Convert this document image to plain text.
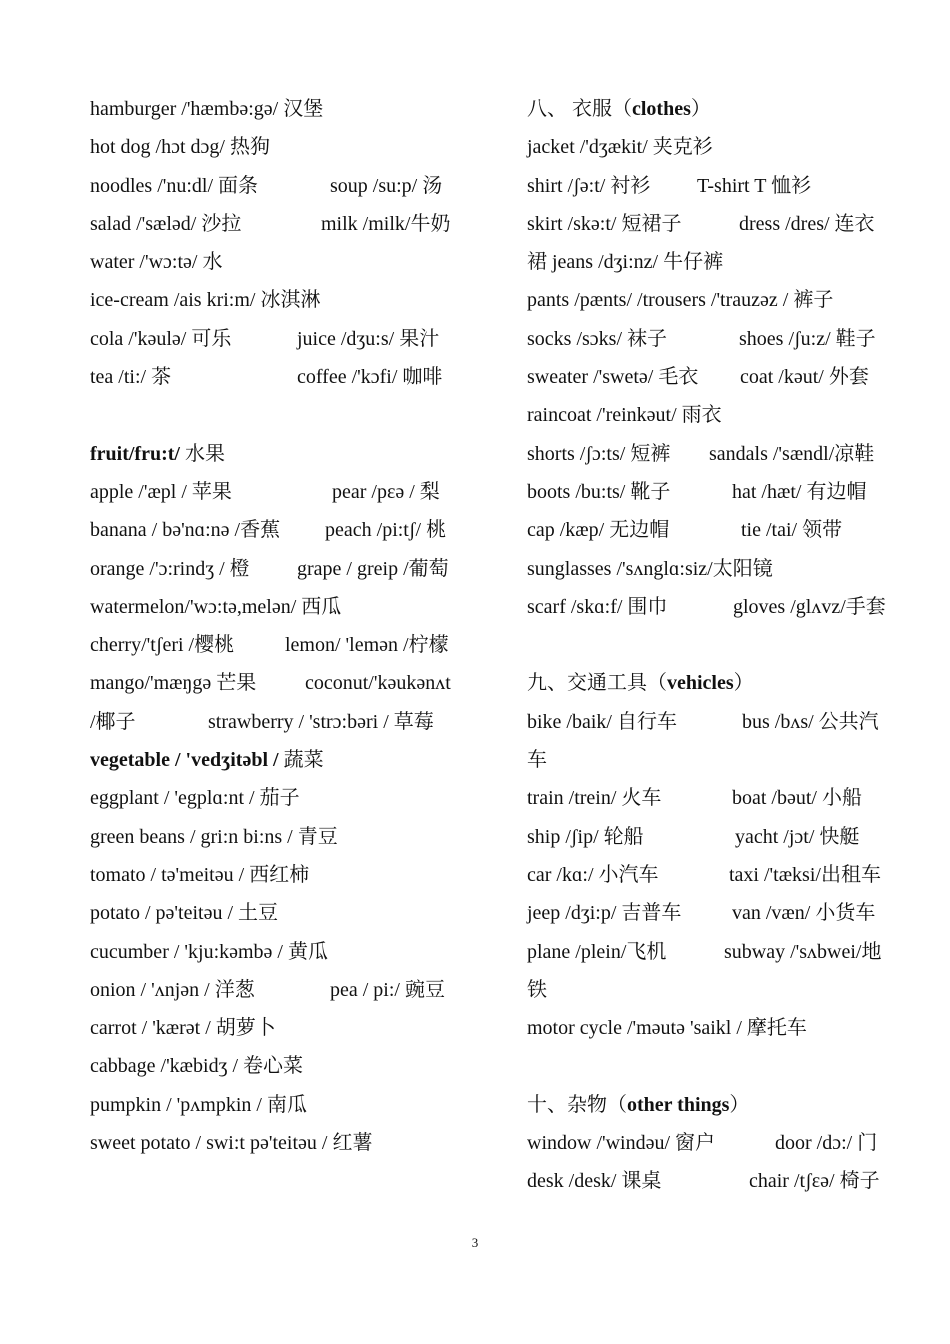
hamburger /'hæmbə:gə/ 汉堡
hot dog /hɔt dɔg/ 热狗
noodles /'nu:dl/ 面条	soup /su:p/ 汤
salad /'sæləd/ 沙拉	milk /milk/牛奶
water /'wɔ:tə/ 水
ice-cream /ais kri:m/ 冰淇淋
cola /'kəulə/ 可乐	juice /dʒu:s/ 果汁
tea /ti:/ 茶	coffee /'kɔfi/ 咖啡
fruit/fru:t/ 水果
apple /'æpl / 苹果	pear /pɛə / 梨
banana / bə'nɑ:nə /香蕉 peach /pi:tʃ/ 桃
orange /'ɔ:rindʒ / 橙 grape / greip /葡萄
watermelon/'wɔ:tə,melən/ 西瓜
cherry/'tʃeri /樱桃	lemon/ 'lemən /柠檬
mango/'mæŋgə 芒果 coconut/'kəukənʌt
/椰子	strawberry / 'strɔ:bəri / 草莓
vegetable / 'vedʒitəbl / 蔬菜
eggplant / 'egplɑ:nt / 茄子
green beans / gri:n bi:ns / 青豆
tomato / tə'meitəu / 西红柿
potato / pə'teitəu / 土豆
cucumber / 'kju:kəmbə / 黄瓜
onion / 'ʌnjən / 洋葱	pea / pi:/ 豌豆
carrot / 'kærət / 胡萝卜
cabbage /'kæbidʒ / 卷心菜
pumpkin / 'pʌmpkin / 南瓜
sweet potato / swi:t pə'teitəu / 红薯
八、 衣服（clothes）
jacket /'dʒækit/ 夹克衫
shirt /ʃə:t/ 衬衫 T-shirt T 恤衫
skirt /skə:t/ 短裙子	dress /dres/ 连衣
裙 jeans /dʒi:nz/ 牛仔裤
pants /pænts/ /trousers /'trauzəz / 裤子
socks /sɔks/ 袜子	shoes /ʃu:z/ 鞋子
sweater /'swetə/ 毛衣 coat /kəut/ 外套
raincoat /'reinkəut/ 雨衣
shorts /ʃɔ:ts/ 短裤 sandals /'sændl/凉鞋
boots /bu:ts/ 靴子	hat /hæt/ 有边帽
cap /kæp/ 无边帽	tie /tai/ 领带
sunglasses /'sʌnglɑ:siz/太阳镜
scarf /skɑ:f/ 围巾	gloves /glʌvz/手套
九、交通工具（vehicles）
bike /baik/ 自行车	bus /bʌs/ 公共汽
车
train /trein/ 火车	boat /bəut/ 小船
ship /ʃip/ 轮船	yacht /jɔt/ 快艇
car /kɑ:/ 小汽车	taxi /'tæksi/出租车
jeep /dʒi:p/ 吉普车	van /væn/ 小货车
plane /plein/飞机	subway /'sʌbwei/地
铁
motor cycle /'məutə 'saikl / 摩托车
十、杂物（other things）
window /'windəu/ 窗户	door /dɔ:/ 门
desk /desk/ 课桌	chair /tʃɛə/ 椅子
3
